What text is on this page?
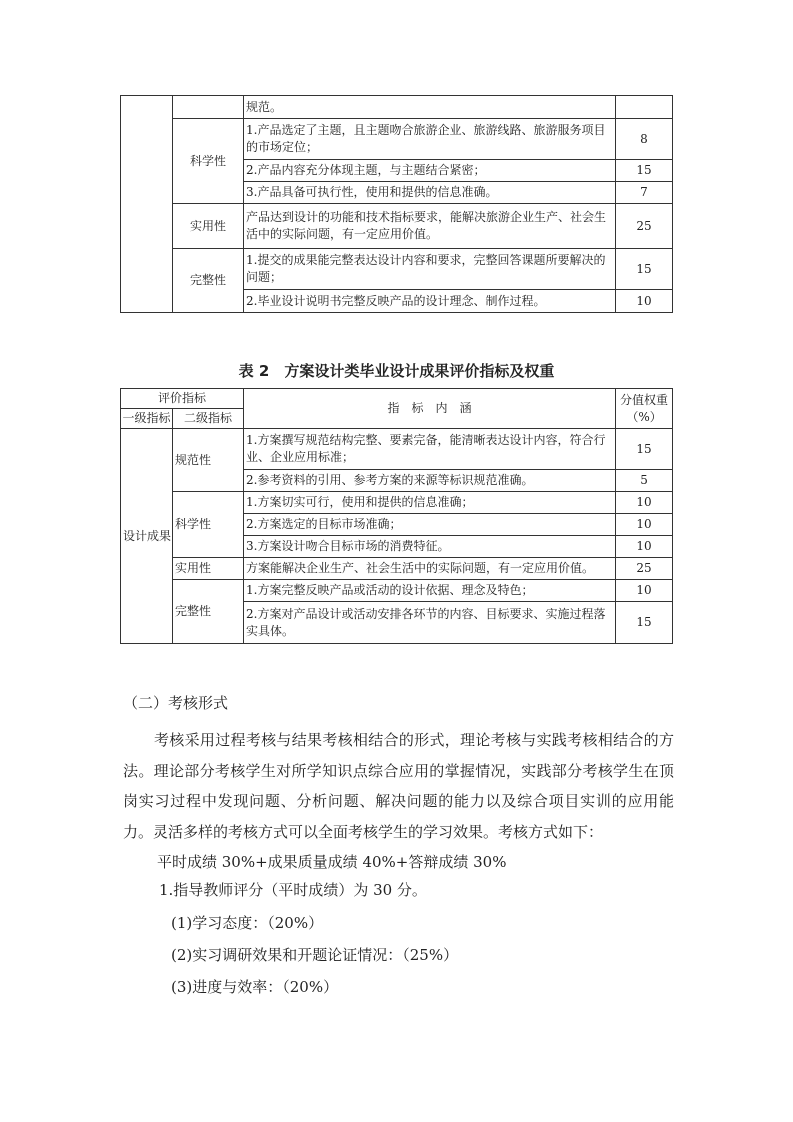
		规范。	
	科学性	1.产品选定了主题，且主题吻合旅游企业、旅游线路、旅游服务项目的市场定位；	8
		2.产品内容充分体现主题，与主题结合紧密；	15
		3.产品具备可执行性，使用和提供的信息准确。	7
	实用性	产品达到设计的功能和技术指标要求，能解决旅游企业生产、社会生活中的实际问题，有一定应用价值。	25
	完整性	1.提交的成果能完整表达设计内容和要求，完整回答课题所要解决的问题；	15
		2.毕业设计说明书完整反映产品的设计理念、制作过程。	10
表 2　方案设计类毕业设计成果评价指标及权重
评价指标		指　标　内　涵	分值权重（%）
一级指标	二级指标		
设计成果	规范性	1.方案撰写规范结构完整、要素完备，能清晰表达设计内容，符合行业、企业应用标准；	15
		2.参考资料的引用、参考方案的来源等标识规范准确。	5
	科学性	1.方案切实可行，使用和提供的信息准确；	10
		2.方案选定的目标市场准确；	10
		3.方案设计吻合目标市场的消费特征。	10
	实用性	方案能解决企业生产、社会生活中的实际问题，有一定应用价值。	25
	完整性	1.方案完整反映产品或活动的设计依据、理念及特色；	10
		2.方案对产品设计或活动安排各环节的内容、目标要求、实施过程落实具体。	15
（二）考核形式
考核采用过程考核与结果考核相结合的形式，理论考核与实践考核相结合的方法。理论部分考核学生对所学知识点综合应用的掌握情况，实践部分考核学生在顶岗实习过程中发现问题、分析问题、解决问题的能力以及综合项目实训的应用能力。灵活多样的考核方式可以全面考核学生的学习效果。考核方式如下：
平时成绩 30%+成果质量成绩 40%+答辩成绩 30%
1.指导教师评分（平时成绩）为 30 分。
(1)学习态度：（20%）
(2)实习调研效果和开题论证情况：（25%）
(3)进度与效率：（20%）
